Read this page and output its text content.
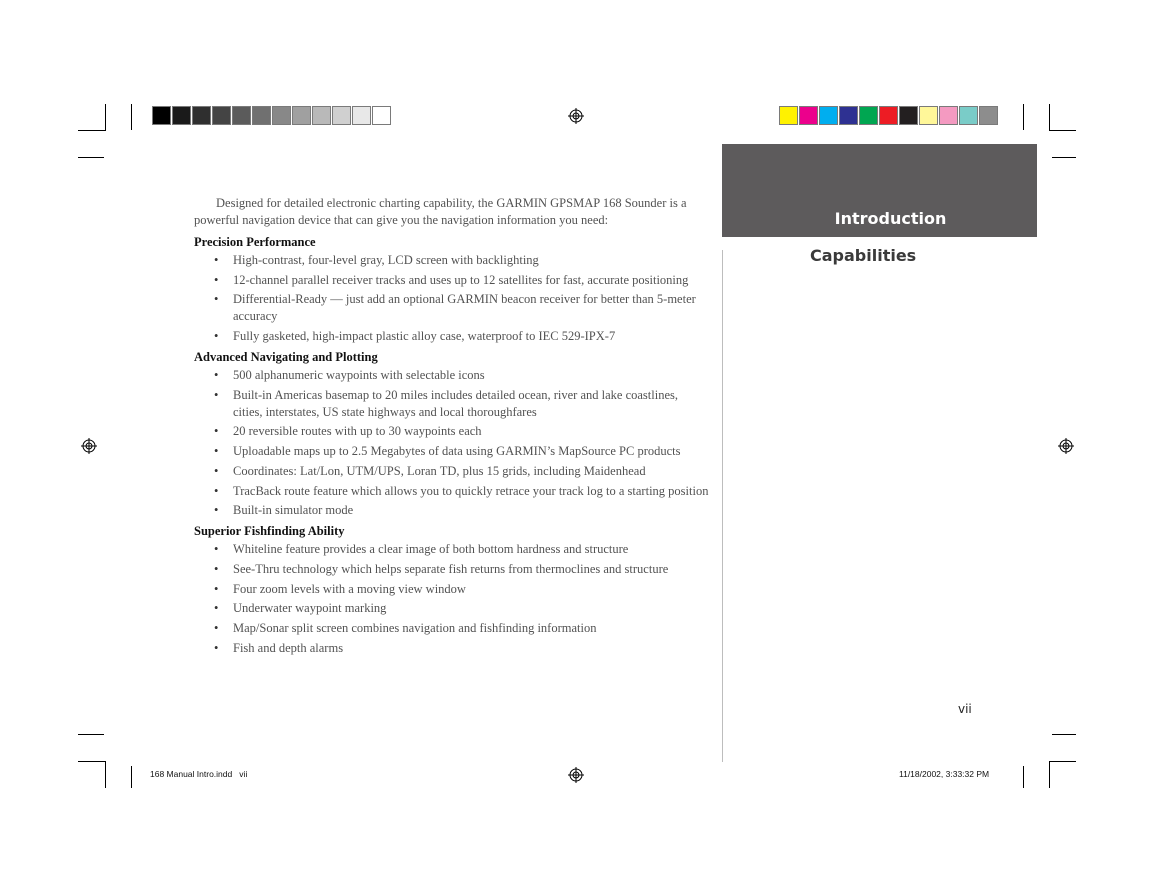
Introduction
Capabilities

Designed for detailed electronic charting capability, the GARMIN GPSMAP 168 Sounder is a powerful navigation device that can give you the navigation information you need:

Precision Performance

• High-contrast, four-level gray, LCD screen with backlighting
• 12-channel parallel receiver tracks and uses up to 12 satellites for fast, accurate positioning
• Differential-Ready — just add an optional GARMIN beacon receiver for better than 5-meter accuracy
• Fully gasketed, high-impact plastic alloy case, waterproof to IEC 529-IPX-7

Advanced Navigating and Plotting

• 500 alphanumeric waypoints with selectable icons
• Built-in Americas basemap to 20 miles includes detailed ocean, river and lake coastlines, cities, interstates, US state highways and local thoroughfares
• 20 reversible routes with up to 30 waypoints each
• Uploadable maps up to 2.5 Megabytes of data using GARMIN’s MapSource PC products
• Coordinates: Lat/Lon, UTM/UPS, Loran TD, plus 15 grids, including Maidenhead
• TracBack route feature which allows you to quickly retrace your track log to a starting position
• Built-in simulator mode

Superior Fishfinding Ability

• Whiteline feature provides a clear image of both bottom hardness and structure
• See-Thru technology which helps separate fish returns from thermoclines and structure
• Four zoom levels with a moving view window
• Underwater waypoint marking
• Map/Sonar split screen combines navigation and fishfinding information
• Fish and depth alarms
vii
168 Manual Intro.indd   vii	11/18/2002, 3:33:32 PM
